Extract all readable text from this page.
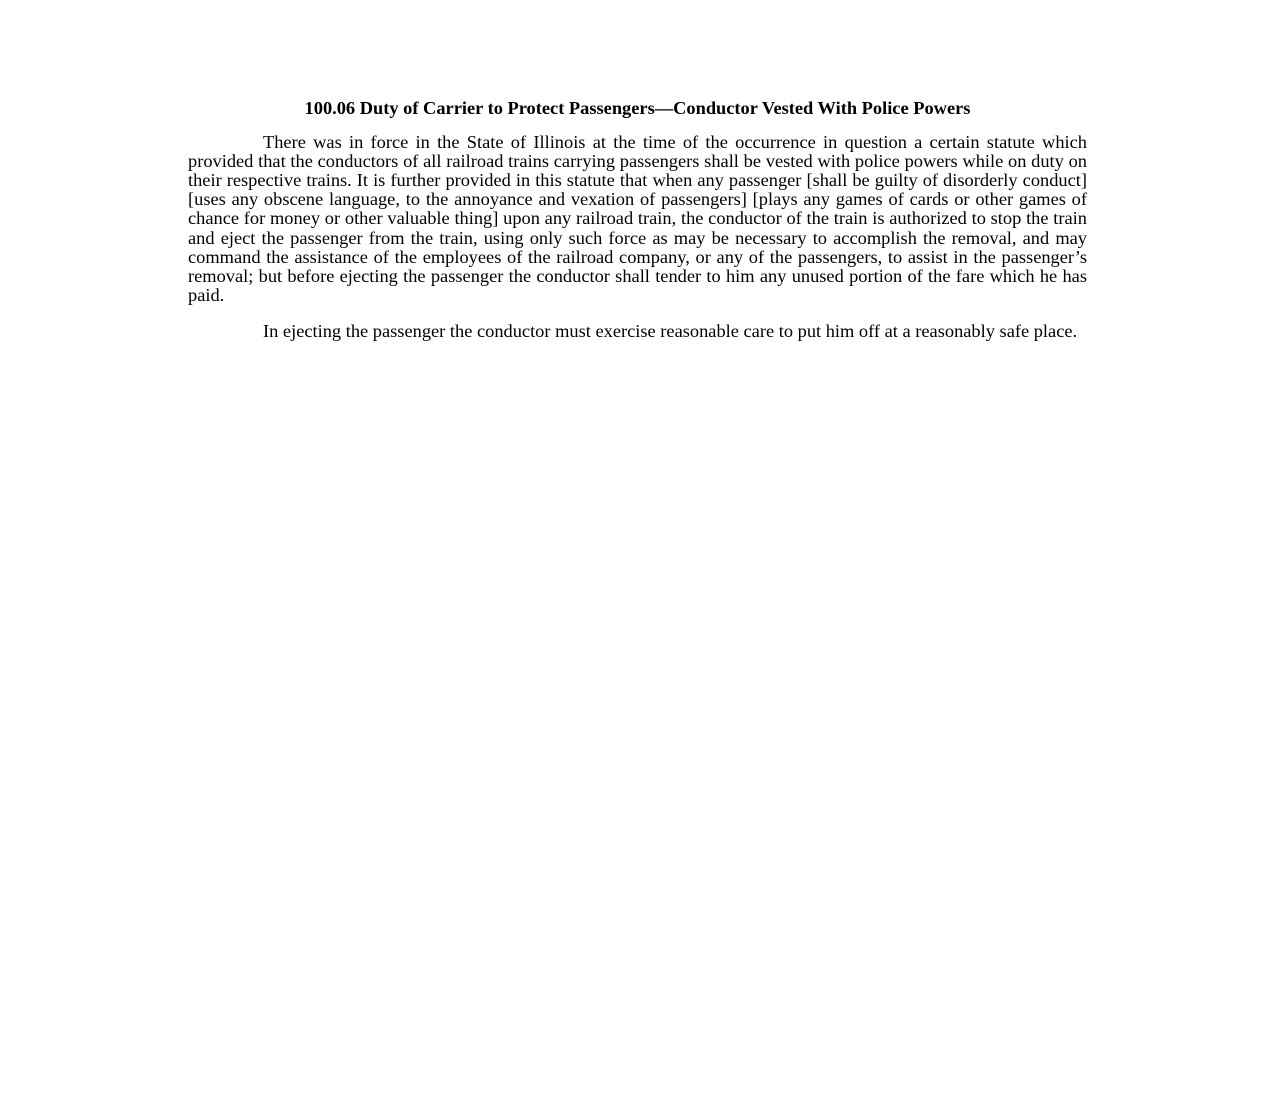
100.06 Duty of Carrier to Protect Passengers—Conductor Vested With Police Powers

There was in force in the State of Illinois at the time of the occurrence in question a certain statute which provided that the conductors of all railroad trains carrying passengers shall be vested with police powers while on duty on their respective trains. It is further provided in this statute that when any passenger [shall be guilty of disorderly conduct] [uses any obscene language, to the annoyance and vexation of passengers] [plays any games of cards or other games of chance for money or other valuable thing] upon any railroad train, the conductor of the train is authorized to stop the train and eject the passenger from the train, using only such force as may be necessary to accomplish the removal, and may command the assistance of the employees of the railroad company, or any of the passengers, to assist in the passenger’s removal; but before ejecting the passenger the conductor shall tender to him any unused portion of the fare which he has paid.

In ejecting the passenger the conductor must exercise reasonable care to put him off at a reasonably safe place.
